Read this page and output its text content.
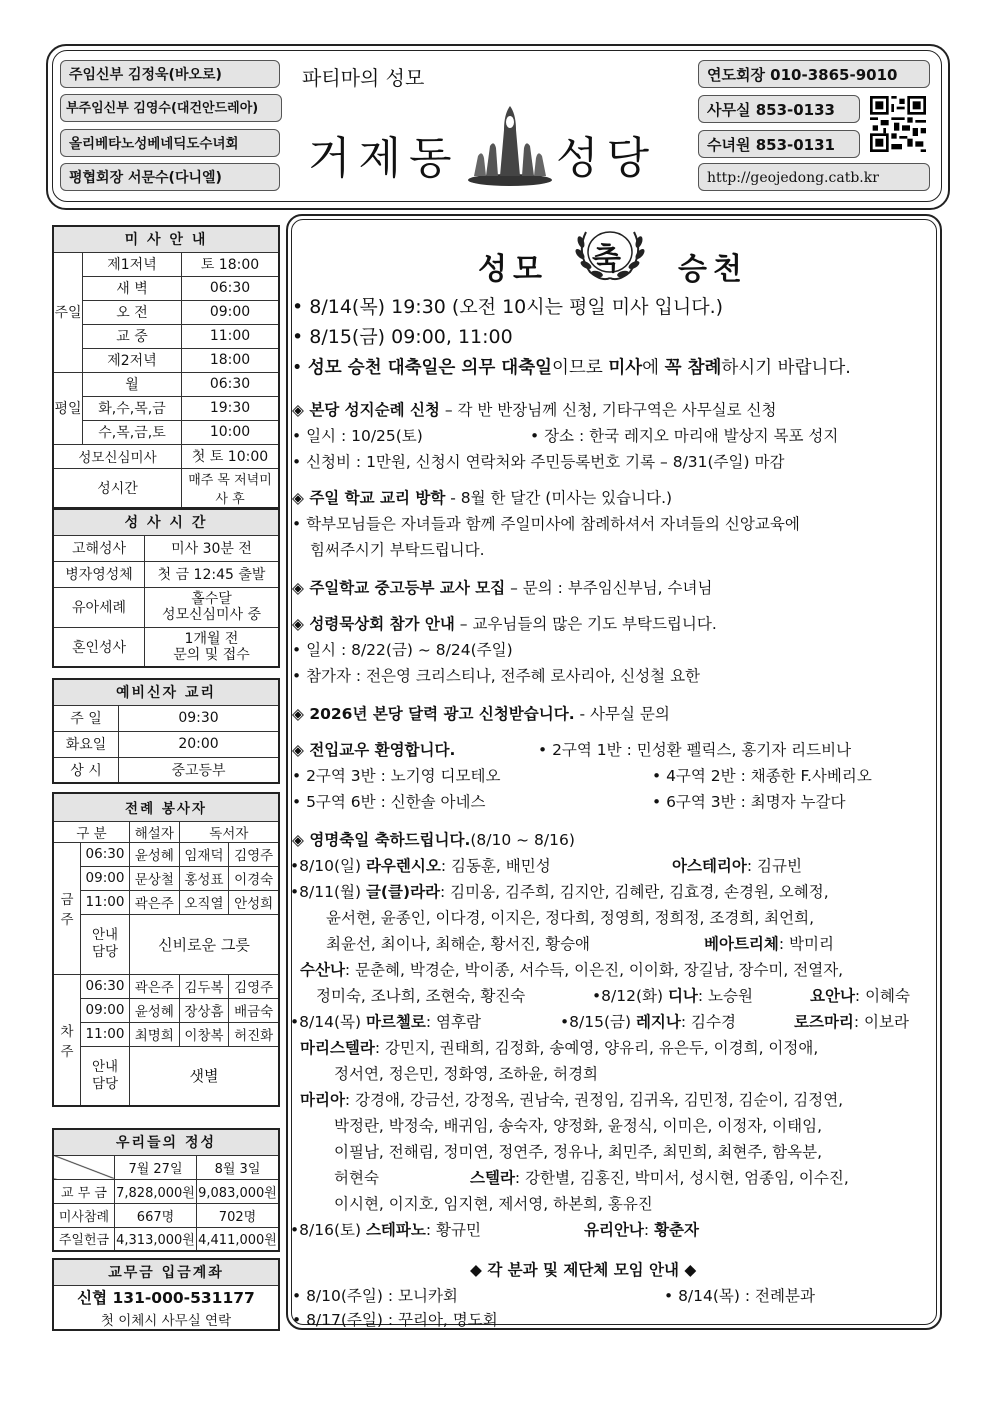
주임신부 김정욱(바오로)
부주임신부 김영수(대건안드레아)
올리베타노성베네딕도수녀회
평협회장 서문수(다니엘)
파티마의 성모
거제동 성당
연도회장 010-3865-9010
사무실 853-0133
수녀원 853-0131
http://geojedong.catb.kr
미 사 안 내		
주일	제1저녁	토 18:00
	새 벽	06:30
	오 전	09:00
	교 중	11:00
	제2저녁	18:00
평일	월	06:30
	화,수,목,금	19:30
	수,목,금,토	10:00
성모신심미사		첫 토 10:00
성시간		매주 목 저녁미사 후
성 사 시 간	
고해성사	미사 30분 전
병자영성체	첫 금 12:45 출발
유아세례	홀수달
성모신심미사 중
혼인성사	1개월 전
문의 및 접수
예비신자 교리	
주 일	09:30
화요일	20:00
상 시	중고등부
전례 봉사자				
구 분		해설자	독서자	
금주	06:30	윤성혜	임재덕	김영주
	09:00	문상철	홍성표	이경숙
	11:00	곽은주	오직열	안성희
	안내
담당	신비로운 그릇		
차주	06:30	곽은주	김두복	김영주
	09:00	윤성혜	장상흠	배금숙
	11:00	최명희	이창복	허진화
	안내
담당	샛별		
우리들의 정성		
	7월 27일	8월 3일
교 무 금	7,828,000원	9,083,000원
미사참례	667명	702명
주일헌금	4,313,000원	4,411,000원
교무금 입금계좌
신협 131-000-531177
첫 이체시 사무실 연락
성모 축 승천
• 8/14(목) 19:30 (오전 10시는 평일 미사 입니다.)
• 8/15(금) 09:00, 11:00
• 성모 승천 대축일은 의무 대축일이므로 미사에 꼭 참례하시기 바랍니다.
◈ 본당 성지순례 신청 – 각 반 반장님께 신청, 기타구역은 사무실로 신청
• 일시 : 10/25(토)	• 장소 : 한국 레지오 마리애 발상지 목포 성지
• 신청비 : 1만원, 신청시 연락처와 주민등록번호 기록 – 8/31(주일) 마감
◈ 주일 학교 교리 방학 - 8월 한 달간 (미사는 있습니다.)
• 학부모님들은 자녀들과 함께 주일미사에 참례하셔서 자녀들의 신앙교육에
힘써주시기 부탁드립니다.
◈ 주일학교 중고등부 교사 모집 – 문의 : 부주임신부님, 수녀님
◈ 성령묵상회 참가 안내 – 교우님들의 많은 기도 부탁드립니다.
• 일시 : 8/22(금) ~ 8/24(주일)
• 참가자 : 전은영 크리스티나, 전주혜 로사리아, 신성철 요한
◈ 2026년 본당 달력 광고 신청받습니다. - 사무실 문의
◈ 전입교우 환영합니다.	• 2구역 1반 : 민성환 펠릭스, 홍기자 리드비나
• 2구역 3반 : 노기영 디모테오	• 4구역 2반 : 채종한 F.사베리오
• 5구역 6반 : 신한솔 아네스	• 6구역 3반 : 최명자 누갈다
◈ 영명축일 축하드립니다.(8/10 ~ 8/16)
•8/10(일) 라우렌시오: 김동훈, 배민성	아스테리아: 김규빈
•8/11(월) 글(클)라라: 김미옹, 김주희, 김지안, 김혜란, 김효경, 손경원, 오혜정,
윤서현, 윤종인, 이다경, 이지은, 정다희, 정영희, 정희정, 조경희, 최언희,
최윤선, 최이나, 최해순, 황서진, 황승애	베아트리체: 박미리
수산나: 문춘혜, 박경순, 박이종, 서수득, 이은진, 이이화, 장길남, 장수미, 전열자,
정미숙, 조나희, 조현숙, 황진숙	•8/12(화) 디나: 노승원	요안나: 이혜숙
•8/14(목) 마르첼로: 염후람	•8/15(금) 레지나: 김수경	로즈마리: 이보라
마리스텔라: 강민지, 권태희, 김정화, 송예영, 양유리, 유은두, 이경희, 이정애,
정서연, 정은민, 정화영, 조하윤, 허경희
마리아: 강경애, 강금선, 강정옥, 권남숙, 권정임, 김귀옥, 김민정, 김순이, 김정연,
박정란, 박정숙, 배귀임, 송숙자, 양정화, 윤정식, 이미은, 이정자, 이태임,
이필남, 전해림, 정미연, 정연주, 정유나, 최민주, 최민희, 최현주, 함옥분,
허현숙	스텔라: 강한별, 김홍진, 박미서, 성시현, 엄종임, 이수진,
이시현, 이지호, 임지현, 제서영, 하본희, 홍유진
•8/16(토) 스테파노: 황규민	유리안나: 황춘자
◆ 각 분과 및 제단체 모임 안내 ◆
• 8/10(주일) : 모니카회	• 8/14(목) : 전례분과
• 8/17(주일) : 꾸리아, 명도회
